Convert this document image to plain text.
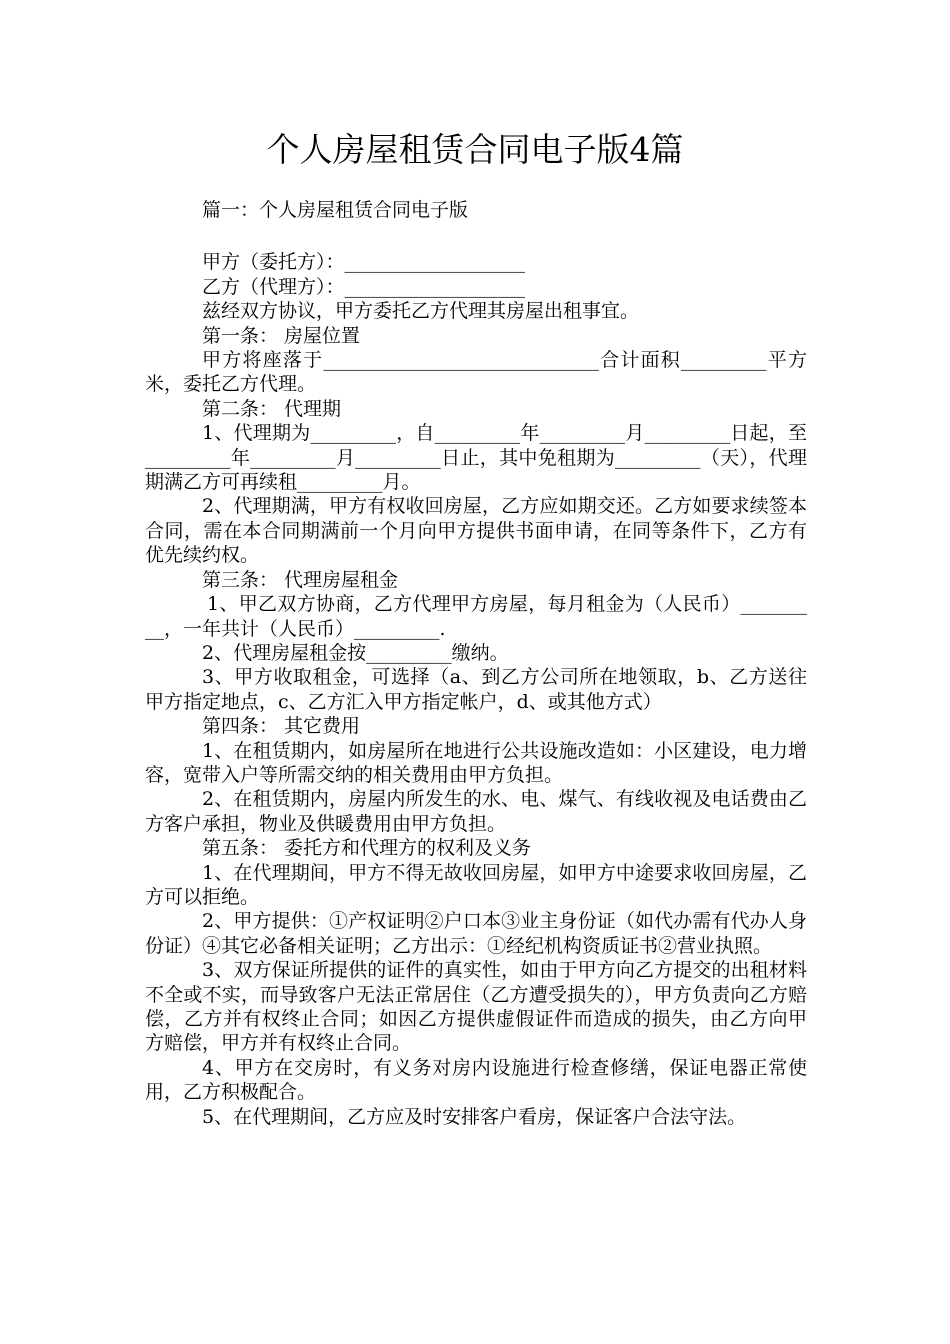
个人房屋租赁合同电子版4篇

篇一：个人房屋租赁合同电子版

甲方（委托方）：___________________

乙方（代理方）：___________________

兹经双方协议，甲方委托乙方代理其房屋出租事宜。

第一条： 房屋位置

甲方将座落于_____________________________合计面积_________平方米，委托乙方代理。

第二条： 代理期

1、代理期为_________，自_________年_________月_________日起，至_________年_________月_________日止，其中免租期为_________（天），代理期满乙方可再续租_________月。

2、代理期满，甲方有权收回房屋，乙方应如期交还。乙方如要求续签本合同，需在本合同期满前一个月向甲方提供书面申请，在同等条件下，乙方有优先续约权。

第三条： 代理房屋租金

1、甲乙双方协商，乙方代理甲方房屋，每月租金为（人民币）_________，一年共计（人民币）_________.

2、代理房屋租金按_________缴纳。

3、甲方收取租金，可选择（a、到乙方公司所在地领取，b、乙方送往甲方指定地点，c、乙方汇入甲方指定帐户，d、或其他方式）

第四条： 其它费用

1、在租赁期内，如房屋所在地进行公共设施改造如：小区建设，电力增容，宽带入户等所需交纳的相关费用由甲方负担。

2、在租赁期内，房屋内所发生的水、电、煤气、有线收视及电话费由乙方客户承担，物业及供暖费用由甲方负担。

第五条： 委托方和代理方的权利及义务

1、在代理期间，甲方不得无故收回房屋，如甲方中途要求收回房屋，乙方可以拒绝。

2、甲方提供：①产权证明②户口本③业主身份证（如代办需有代办人身份证）④其它必备相关证明；乙方出示：①经纪机构资质证书②营业执照。

3、双方保证所提供的证件的真实性，如由于甲方向乙方提交的出租材料不全或不实，而导致客户无法正常居住（乙方遭受损失的），甲方负责向乙方赔偿，乙方并有权终止合同；如因乙方提供虚假证件而造成的损失，由乙方向甲方赔偿，甲方并有权终止合同。

4、甲方在交房时，有义务对房内设施进行检查修缮，保证电器正常使用，乙方积极配合。

5、在代理期间，乙方应及时安排客户看房，保证客户合法守法。
